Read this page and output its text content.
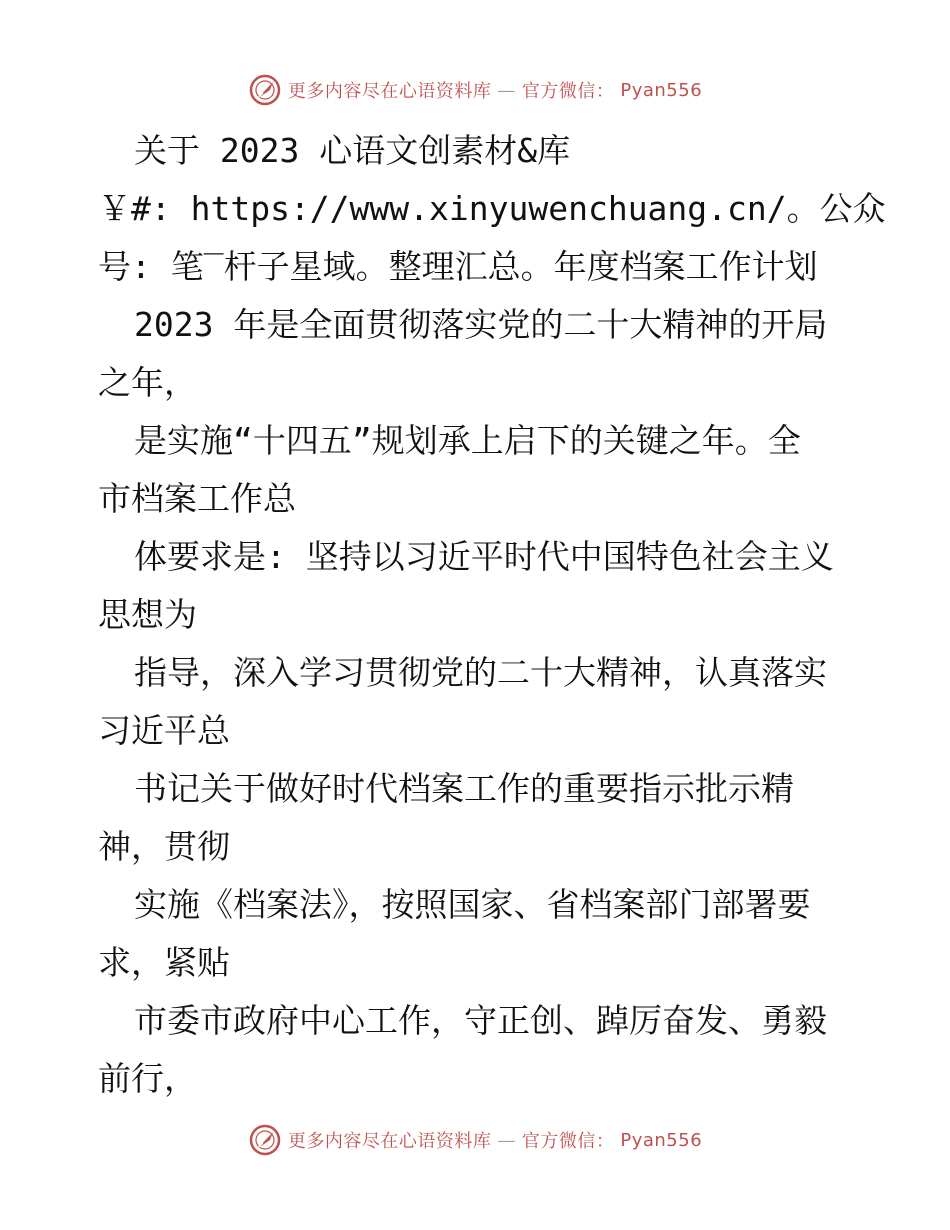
更多内容尽在心语资料库 — 官方微信： Pyan556
关于 2023 心语文创素材&库
￥#: https://www.xinyuwenchuang.cn/。公众
号: 笔‾杆子星域。整理汇总。年度档案工作计划
2023 年是全面贯彻落实党的二十大精神的开局
之年，
是实施“十四五”规划承上启下的关键之年。全
市档案工作总
体要求是: 坚持以习近平时代中国特色社会主义
思想为
指导，深入学习贯彻党的二十大精神，认真落实
习近平总
书记关于做好时代档案工作的重要指示批示精
神，贯彻
实施《档案法》，按照国家、省档案部门部署要
求，紧贴
市委市政府中心工作，守正创、踔厉奋发、勇毅
前行，
更多内容尽在心语资料库 — 官方微信： Pyan556
